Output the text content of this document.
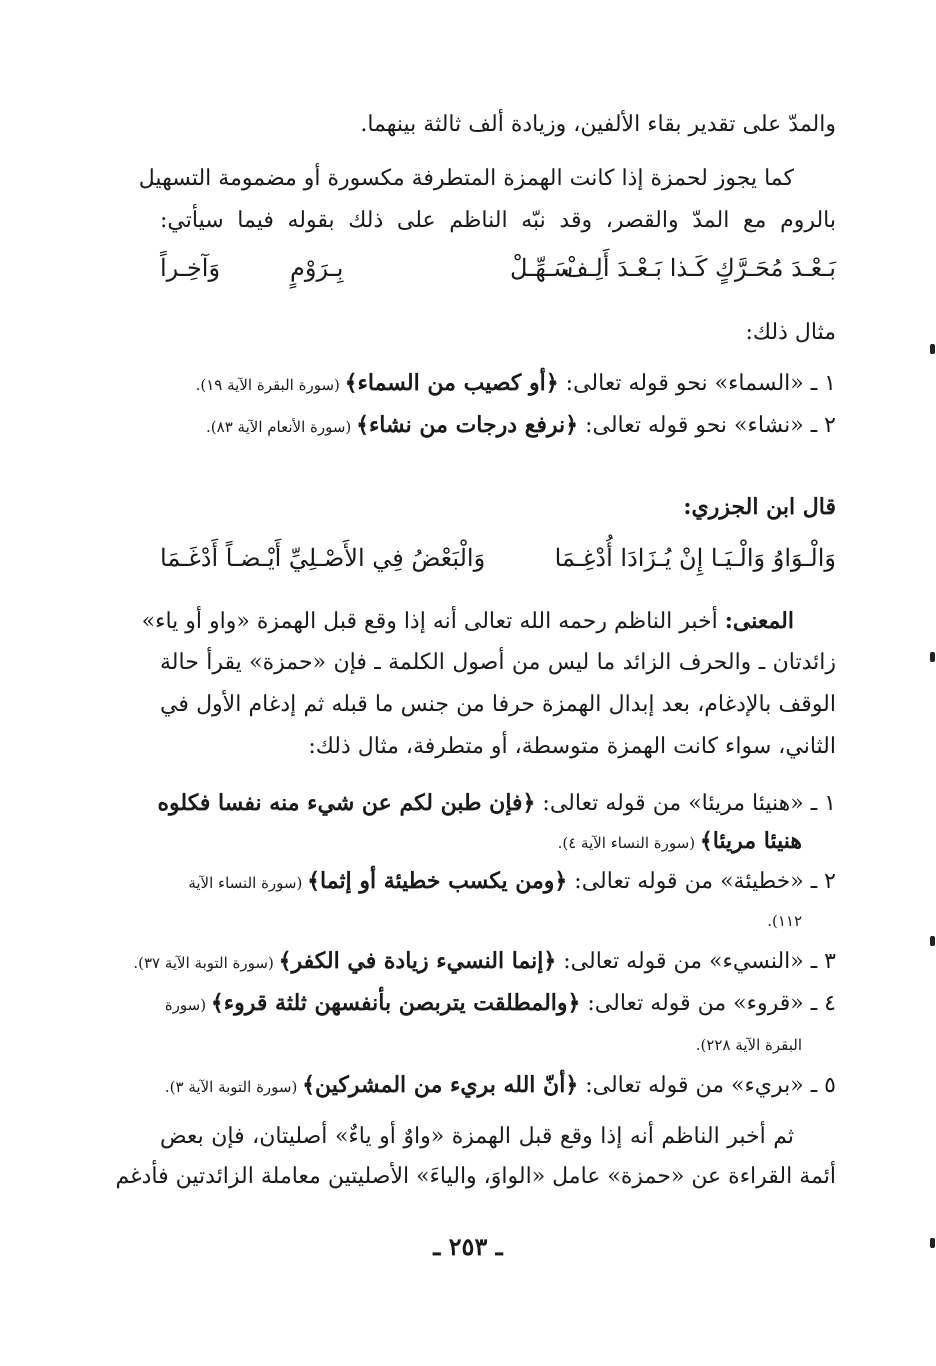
والمدّ على تقدير بقاء الألفين، وزيادة ألف ثالثة بينهما.
كما يجوز لحمزة إذا كانت الهمزة المتطرفة مكسورة أو مضمومة التسهيل
بالروم مع المدّ والقصر، وقد نبّه الناظم على ذلك بقوله فيما سيأتي:
بَـعْـدَ مُحَـرَّكٍ كَـذا بَـعْـدَ أَلِـفْ
سَـهِّـلْ
بِـرَوْمٍ
وَآخِـراً
مثال ذلك:
١ ـ «السماء» نحو قوله تعالى: ﴿أو كصيب من السماء﴾ (سورة البقرة الآية ١٩).
٢ ـ «نشاء» نحو قوله تعالى: ﴿نرفع درجات من نشاء﴾ (سورة الأنعام الآية ٨٣).
قال ابن الجزري:
وَالْـوَاوُ وَالْـيَـا إِنْ يُـزَادَا أُدْغِـمَا
وَالْبَعْضُ فِي الأَصْـلِيِّ أَيْـضـاً أَدْغَـمَا
المعنى: أخبر الناظم رحمه الله تعالى أنه إذا وقع قبل الهمزة «واو أو ياء»
زائدتان ـ والحرف الزائد ما ليس من أصول الكلمة ـ فإن «حمزة» يقرأ حالة
الوقف بالإدغام، بعد إبدال الهمزة حرفا من جنس ما قبله ثم إدغام الأول في
الثاني، سواء كانت الهمزة متوسطة، أو متطرفة، مثال ذلك:
١ ـ «هنيئا مريئا» من قوله تعالى: ﴿فإن طبن لكم عن شيء منه نفسا فكلوه
هنيئا مريئا﴾ (سورة النساء الآية ٤).
٢ ـ «خطيئة» من قوله تعالى: ﴿ومن يكسب خطيئة أو إثما﴾ (سورة النساء الآية
١١٢).
٣ ـ «النسيء» من قوله تعالى: ﴿إنما النسيء زيادة في الكفر﴾ (سورة التوبة الآية ٣٧).
٤ ـ «قروء» من قوله تعالى: ﴿والمطلقت يتربصن بأنفسهن ثلثة قروء﴾ (سورة
البقرة الآية ٢٢٨).
٥ ـ «بريء» من قوله تعالى: ﴿أنّ الله بريء من المشركين﴾ (سورة التوبة الآية ٣).
ثم أخبر الناظم أنه إذا وقع قبل الهمزة «واوٌ أو ياءٌ» أصليتان، فإن بعض
أئمة القراءة عن «حمزة» عامل «الواوَ، والياءَ» الأصليتين معاملة الزائدتين فأدغم
ـ ٢٥٣ ـ
